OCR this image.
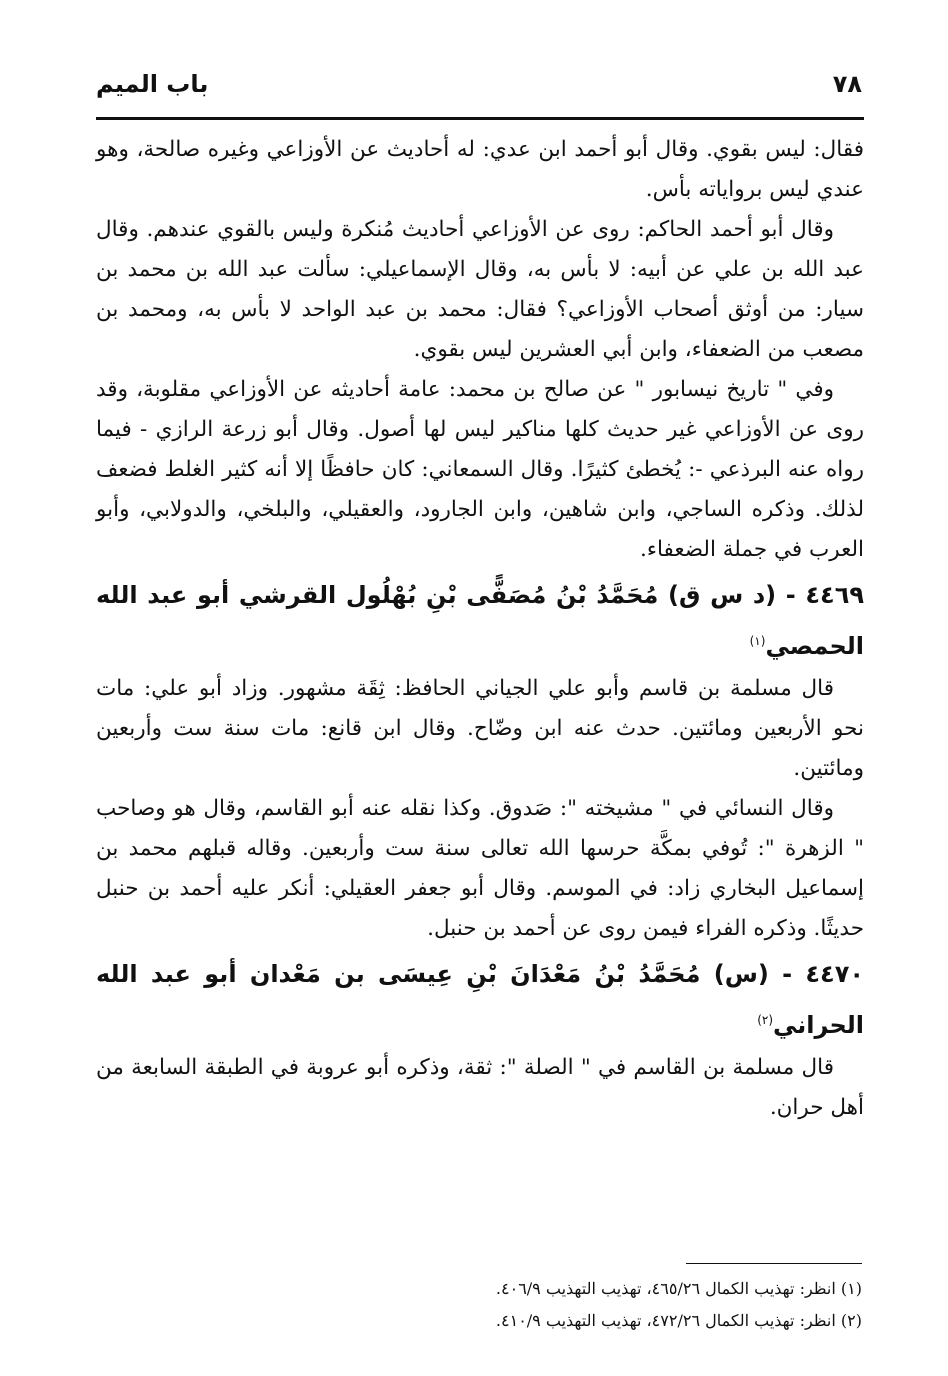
٧٨
باب الميم

فقال: ليس بقوي. وقال أبو أحمد ابن عدي: له أحاديث عن الأوزاعي وغيره صالحة، وهو عندي ليس برواياته بأس.

وقال أبو أحمد الحاكم: روى عن الأوزاعي أحاديث مُنكرة وليس بالقوي عندهم. وقال عبد الله بن علي عن أبيه: لا بأس به، وقال الإسماعيلي: سألت عبد الله بن محمد بن سيار: من أوثق أصحاب الأوزاعي؟ فقال: محمد بن عبد الواحد لا بأس به، ومحمد بن مصعب من الضعفاء، وابن أبي العشرين ليس بقوي.

وفي " تاريخ نيسابور " عن صالح بن محمد: عامة أحاديثه عن الأوزاعي مقلوبة، وقد روى عن الأوزاعي غير حديث كلها مناكير ليس لها أصول. وقال أبو زرعة الرازي - فيما رواه عنه البرذعي -: يُخطئ كثيرًا. وقال السمعاني: كان حافظًا إلا أنه كثير الغلط فضعف لذلك. وذكره الساجي، وابن شاهين، وابن الجارود، والعقيلي، والبلخي، والدولابي، وأبو العرب في جملة الضعفاء.

٤٤٦٩ - (د س ق) مُحَمَّدُ بْنُ مُصَفًّى بْنِ بُهْلُول القرشي أبو عبد الله الحمصي$^{(١)}$

قال مسلمة بن قاسم وأبو علي الجياني الحافظ: ثِقَة مشهور. وزاد أبو علي: مات نحو الأربعين ومائتين. حدث عنه ابن وضّاح. وقال ابن قانع: مات سنة ست وأربعين ومائتين.

وقال النسائي في " مشيخته ": صَدوق. وكذا نقله عنه أبو القاسم، وقال هو وصاحب " الزهرة ": تُوفي بمكَّة حرسها الله تعالى سنة ست وأربعين. وقاله قبلهم محمد بن إسماعيل البخاري زاد: في الموسم. وقال أبو جعفر العقيلي: أنكر عليه أحمد بن حنبل حديثًا. وذكره الفراء فيمن روى عن أحمد بن حنبل.

٤٤٧٠ - (س) مُحَمَّدُ بْنُ مَعْدَانَ بْنِ عِيسَى بن مَعْدان أبو عبد الله الحراني$^{(٢)}$

قال مسلمة بن القاسم في " الصلة ": ثقة، وذكره أبو عروبة في الطبقة السابعة من أهل حران.

(١) انظر: تهذيب الكمال ٤٦٥/٢٦، تهذيب التهذيب ٤٠٦/٩.

(٢) انظر: تهذيب الكمال ٤٧٢/٢٦، تهذيب التهذيب ٤١٠/٩.
